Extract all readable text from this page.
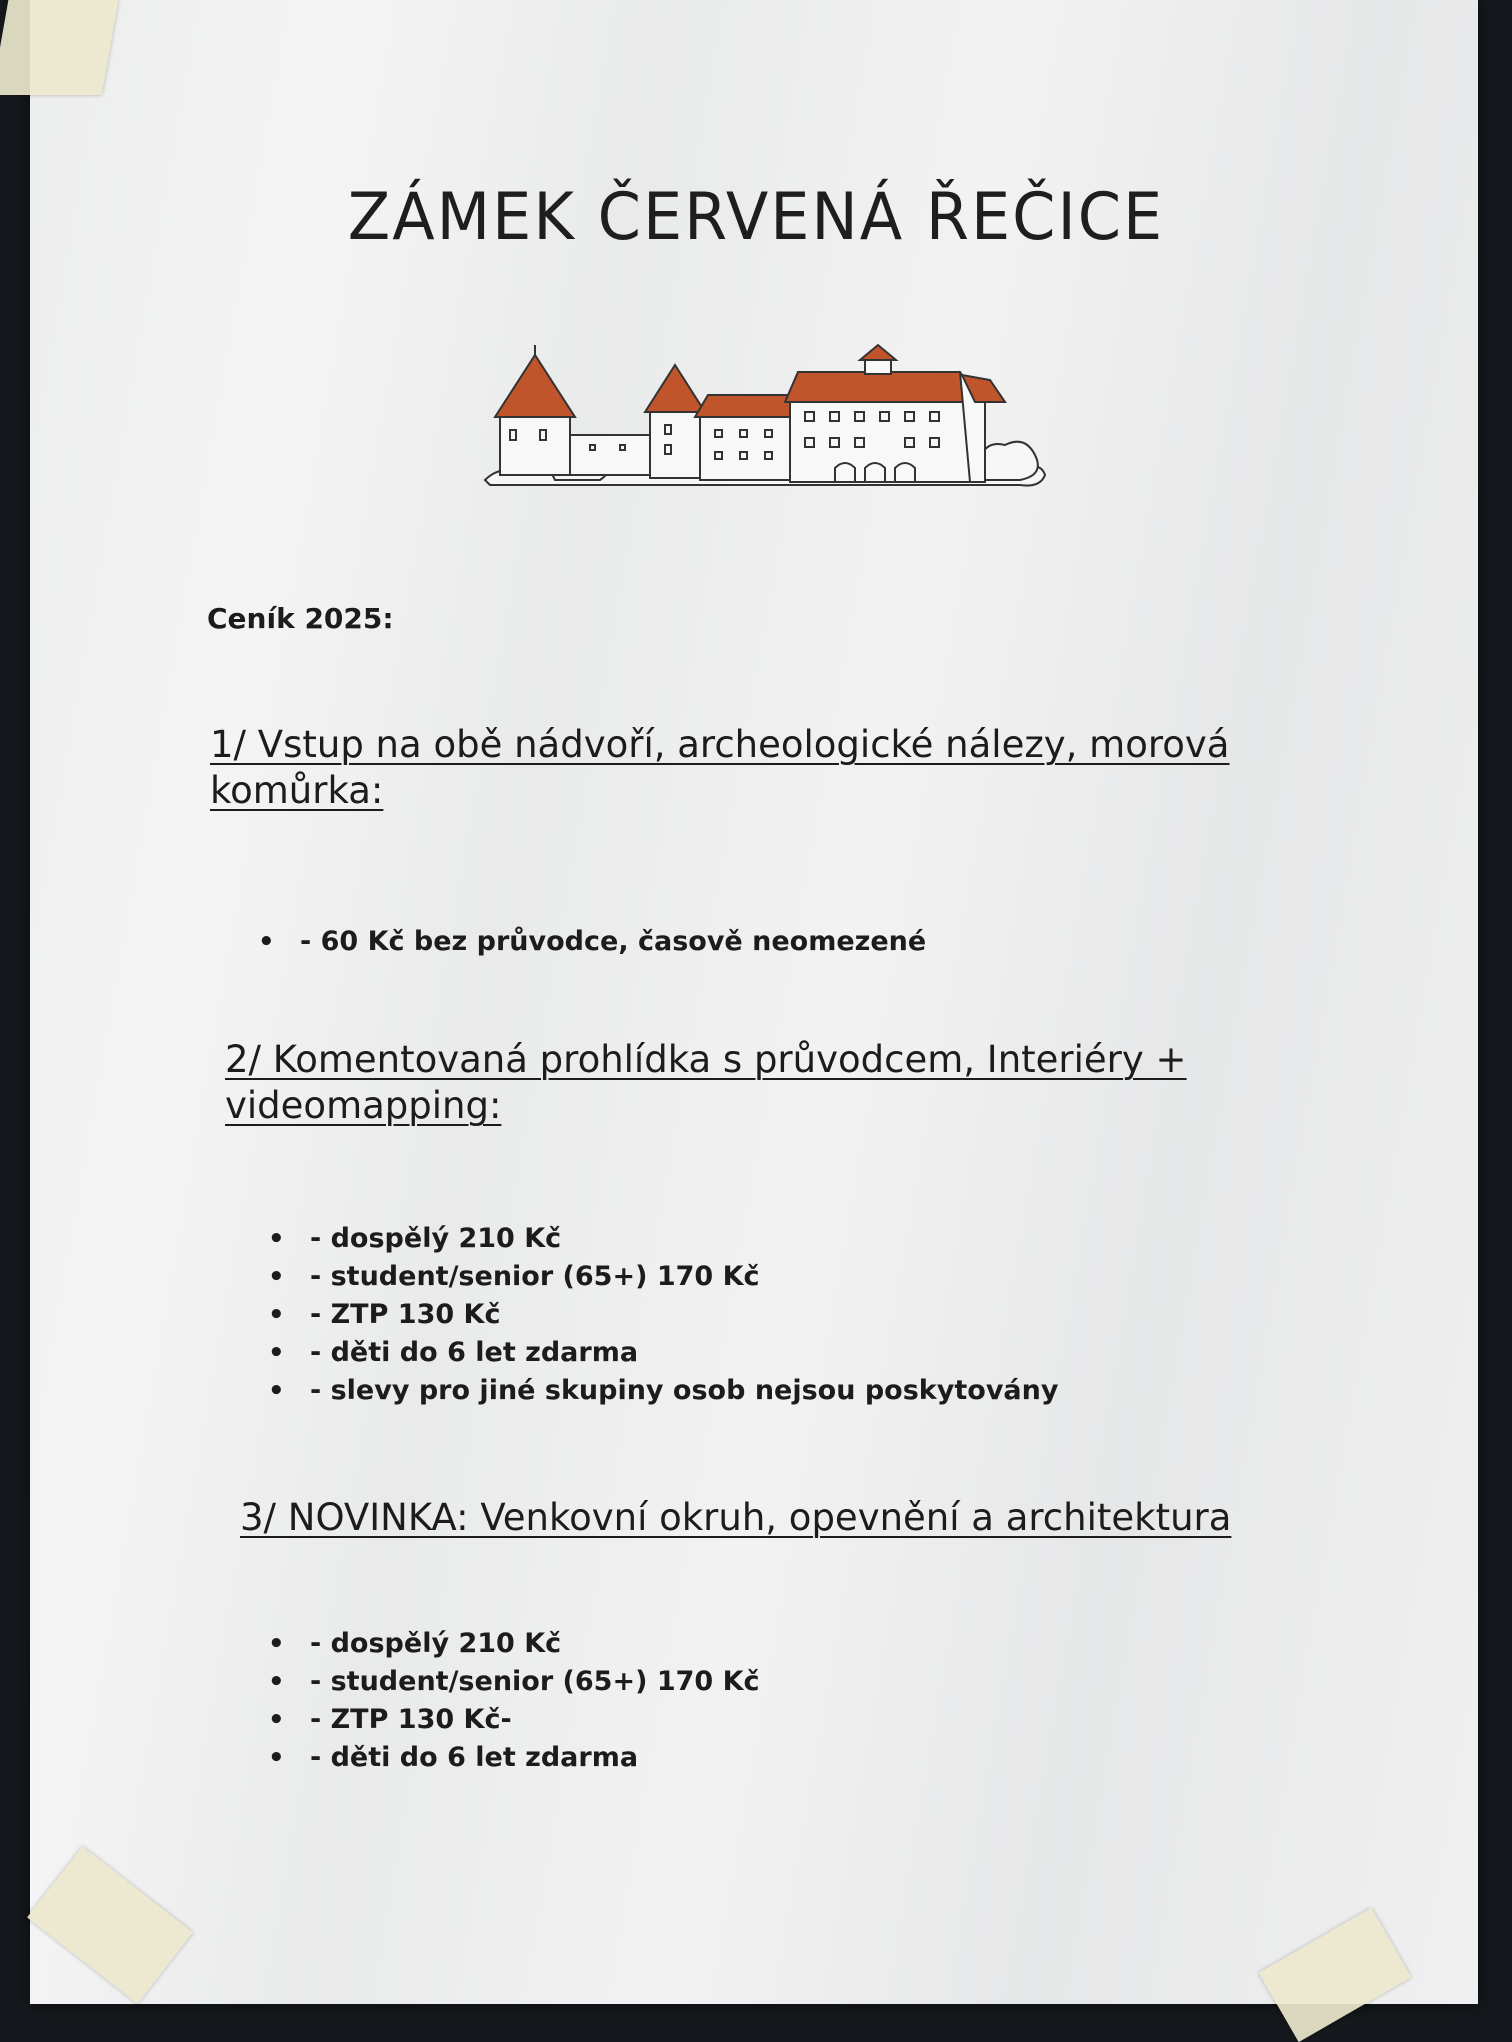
ZÁMEK ČERVENÁ ŘEČICE
Ceník 2025:
1/ Vstup na obě nádvoří, archeologické nálezy, morová komůrka:
• - 60 Kč bez průvodce, časově neomezené
2/ Komentovaná prohlídka s průvodcem, Interiéry + videomapping:
• - dospělý 210 Kč
• - student/senior (65+) 170 Kč
• - ZTP 130 Kč
• - děti do 6 let zdarma
• - slevy pro jiné skupiny osob nejsou poskytovány
3/ NOVINKA: Venkovní okruh, opevnění a architektura
• - dospělý 210 Kč
• - student/senior (65+) 170 Kč
• - ZTP 130 Kč-
• - děti do 6 let zdarma
